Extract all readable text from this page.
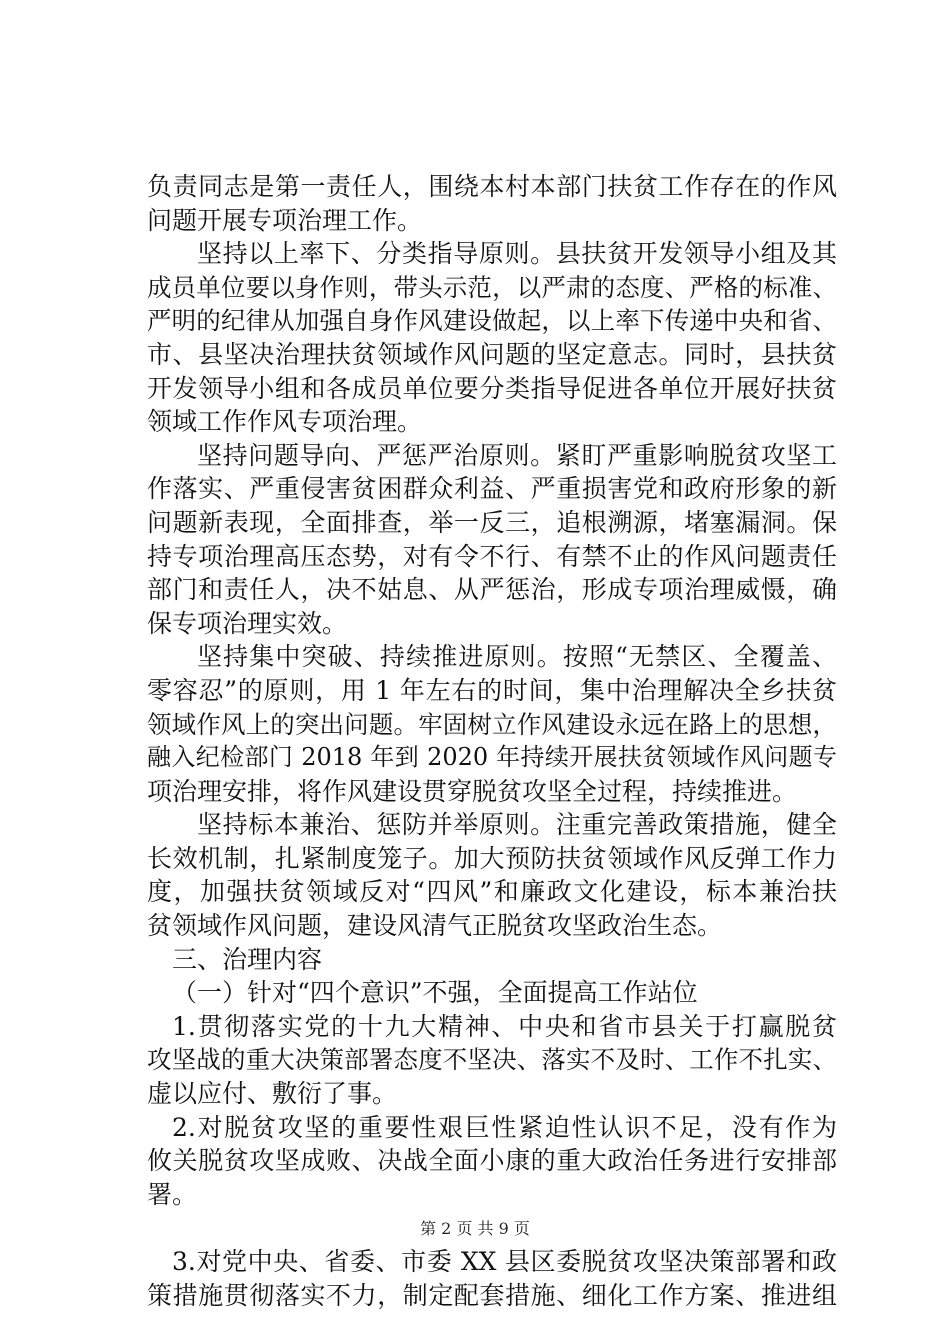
负责同志是第一责任人，围绕本村本部门扶贫工作存在的作风
问题开展专项治理工作。
坚持以上率下、分类指导原则。县扶贫开发领导小组及其
成员单位要以身作则，带头示范，以严肃的态度、严格的标准、
严明的纪律从加强自身作风建设做起，以上率下传递中央和省、
市、县坚决治理扶贫领域作风问题的坚定意志。同时，县扶贫
开发领导小组和各成员单位要分类指导促进各单位开展好扶贫
领域工作作风专项治理。
坚持问题导向、严惩严治原则。紧盯严重影响脱贫攻坚工
作落实、严重侵害贫困群众利益、严重损害党和政府形象的新
问题新表现，全面排查，举一反三，追根溯源，堵塞漏洞。保
持专项治理高压态势，对有令不行、有禁不止的作风问题责任
部门和责任人，决不姑息、从严惩治，形成专项治理威慑，确
保专项治理实效。
坚持集中突破、持续推进原则。按照“无禁区、全覆盖、
零容忍”的原则，用 1 年左右的时间，集中治理解决全乡扶贫
领域作风上的突出问题。牢固树立作风建设永远在路上的思想，
融入纪检部门 2018 年到 2020 年持续开展扶贫领域作风问题专
项治理安排，将作风建设贯穿脱贫攻坚全过程，持续推进。
坚持标本兼治、惩防并举原则。注重完善政策措施，健全
长效机制，扎紧制度笼子。加大预防扶贫领域作风反弹工作力
度，加强扶贫领域反对“四风”和廉政文化建设，标本兼治扶
贫领域作风问题，建设风清气正脱贫攻坚政治生态。
三、治理内容
（一）针对“四个意识”不强，全面提高工作站位
1.贯彻落实党的十九大精神、中央和省市县关于打赢脱贫
攻坚战的重大决策部署态度不坚决、落实不及时、工作不扎实、
虚以应付、敷衍了事。
2.对脱贫攻坚的重要性艰巨性紧迫性认识不足，没有作为
攸关脱贫攻坚成败、决战全面小康的重大政治任务进行安排部
署。
3.对党中央、省委、市委 XX 县区委脱贫攻坚决策部署和政
策措施贯彻落实不力，制定配套措施、细化工作方案、推进组
第 2 页 共 9 页
